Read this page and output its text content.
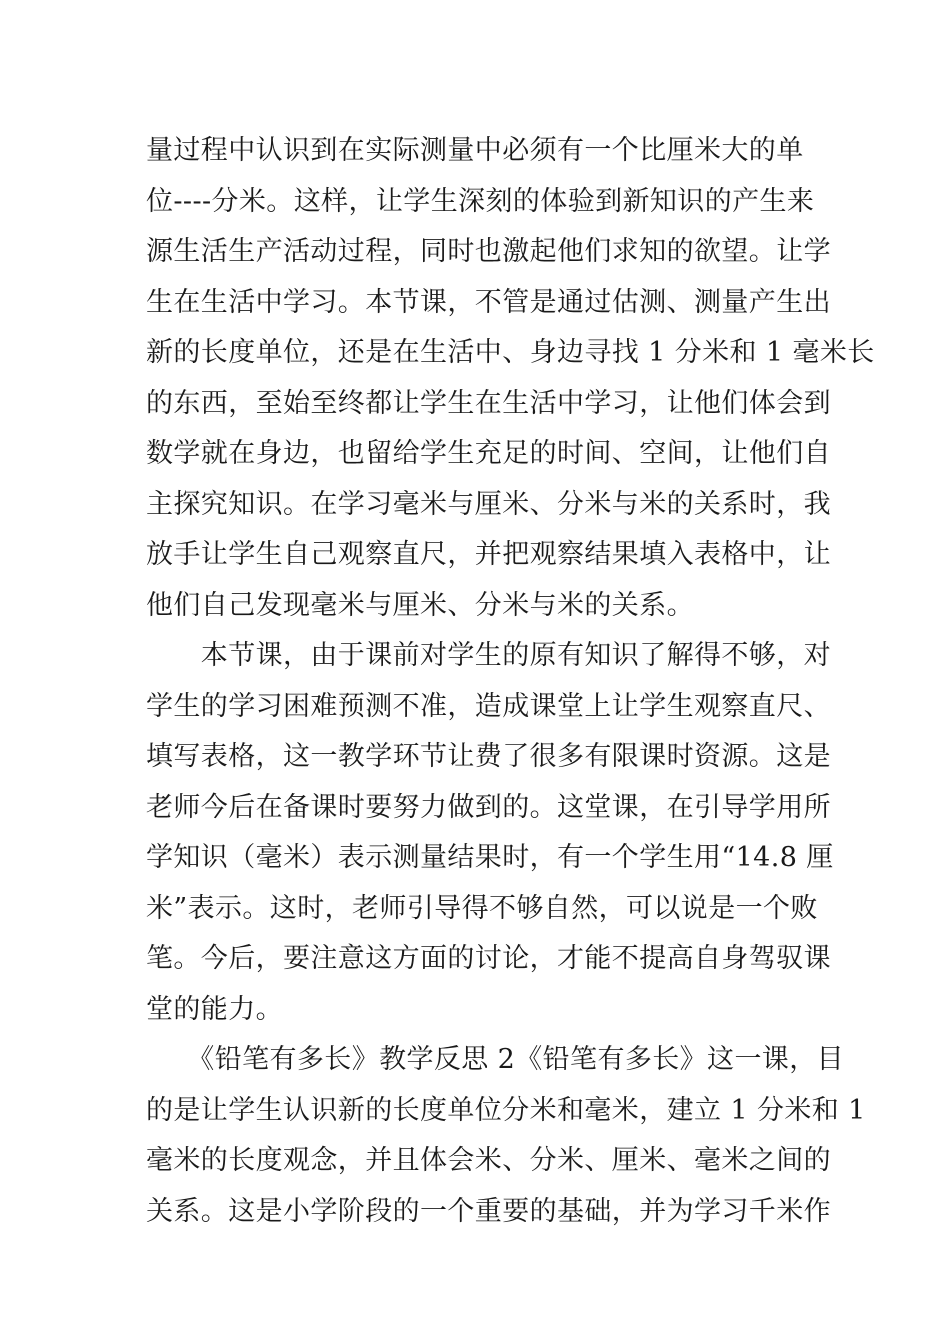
量过程中认识到在实际测量中必须有一个比厘米大的单
位----分米。这样，让学生深刻的体验到新知识的产生来
源生活生产活动过程，同时也激起他们求知的欲望。让学
生在生活中学习。本节课，不管是通过估测、测量产生出
新的长度单位，还是在生活中、身边寻找 1 分米和 1 毫米长
的东西，至始至终都让学生在生活中学习，让他们体会到
数学就在身边，也留给学生充足的时间、空间，让他们自
主探究知识。在学习毫米与厘米、分米与米的关系时，我
放手让学生自己观察直尺，并把观察结果填入表格中，让
他们自己发现毫米与厘米、分米与米的关系。
　　本节课，由于课前对学生的原有知识了解得不够，对
学生的学习困难预测不准，造成课堂上让学生观察直尺、
填写表格，这一教学环节让费了很多有限课时资源。这是
老师今后在备课时要努力做到的。这堂课，在引导学用所
学知识（毫米）表示测量结果时，有一个学生用“14.8 厘
米”表示。这时，老师引导得不够自然，可以说是一个败
笔。今后，要注意这方面的讨论，才能不提高自身驾驭课
堂的能力。
　　《铅笔有多长》教学反思 2《铅笔有多长》这一课，目
的是让学生认识新的长度单位分米和毫米，建立 1 分米和 1
毫米的长度观念，并且体会米、分米、厘米、毫米之间的
关系。这是小学阶段的一个重要的基础，并为学习千米作
